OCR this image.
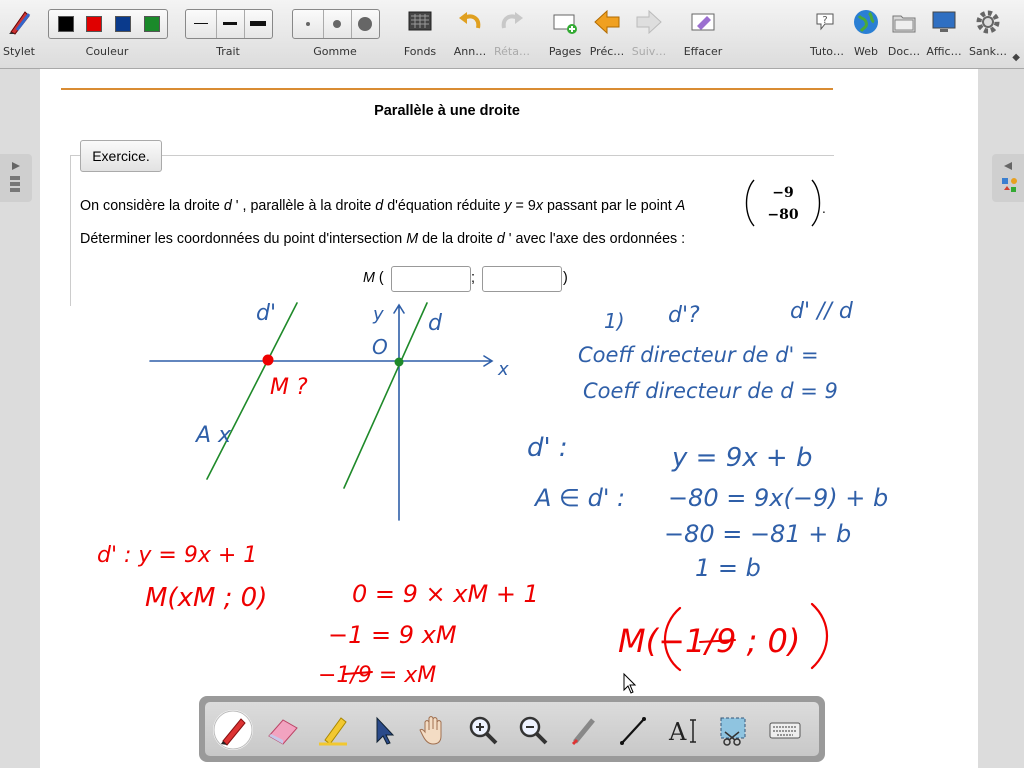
Stylet	Couleur	Trait	Gomme	Fonds	Ann… Réta…	Pages Préc… Suiv…	Effacer
?
Tuto… Web Doc… Affic… Sank… ◆
Parallèle à une droite
Exercice.
On considère la droite d ' , parallèle à la droite d d'équation réduite y = 9x passant par le point A
−9
−80 .
Déterminer les coordonnées du point d'intersection M de la droite d ' avec l'axe des ordonnées :
M (	;	)
d'	y d
O
x
M ?
A x
1) d'?	d' // d
Coeff directeur de d' =
Coeff directeur de d = 9
d' :	y = 9x + b
A ∈ d' : −80 = 9x(−9) + b
−80 = −81 + b
1 = b
d' : y = 9x + 1
M(xM ; 0)	0 = 9 × xM + 1
−1 = 9 xM
−1/9 = xM
M(−1/9 ; 0)
A
